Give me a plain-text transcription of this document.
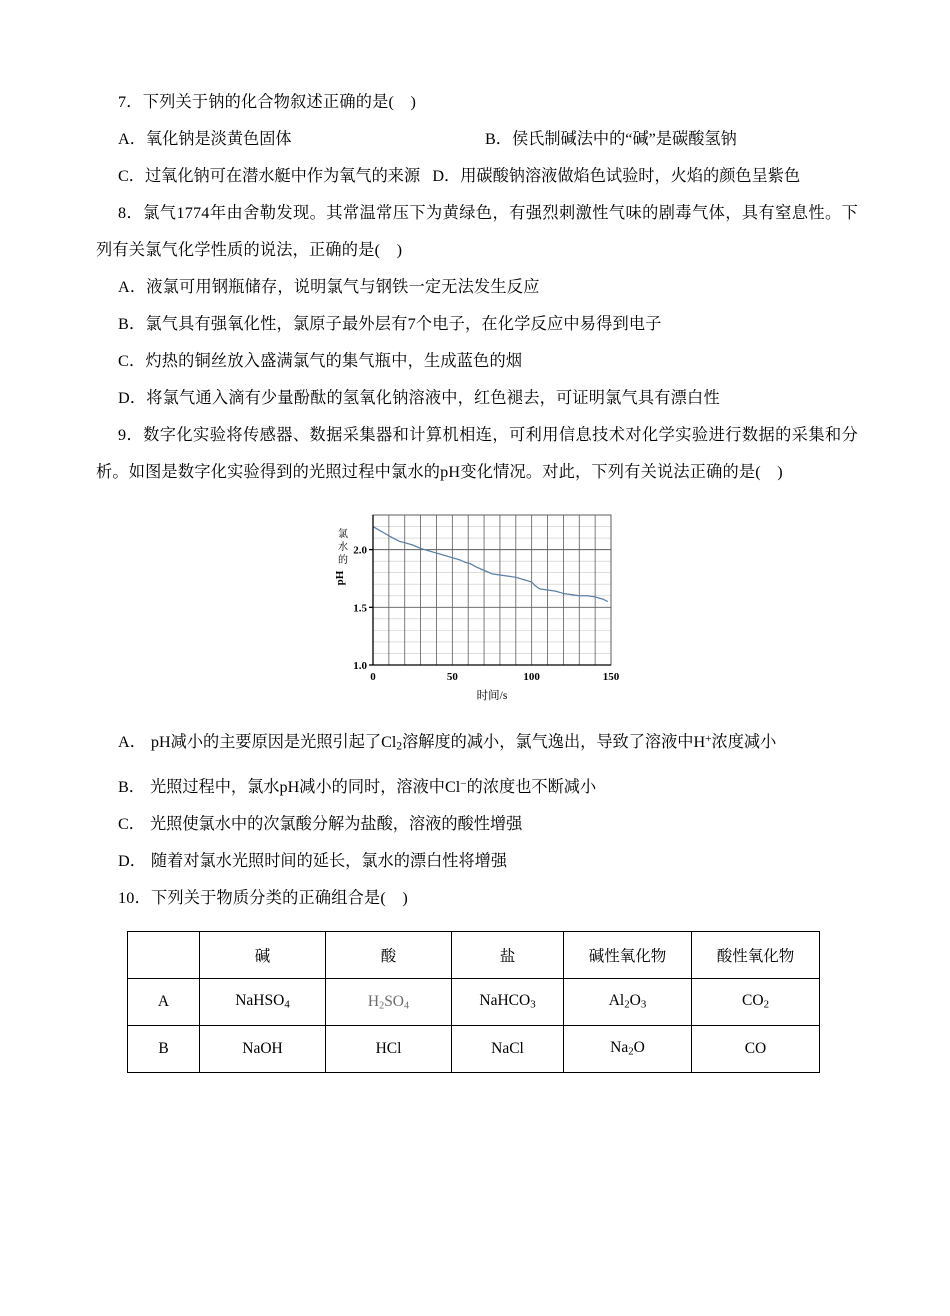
7．下列关于钠的化合物叙述正确的是(　)
A．氧化钠是淡黄色固体	B．侯氏制碱法中的“碱”是碳酸氢钠
C．过氧化钠可在潜水艇中作为氧气的来源 D．用碳酸钠溶液做焰色试验时，火焰的颜色呈紫色
8．氯气1774年由舍勒发现。其常温常压下为黄绿色，有强烈刺激性气味的剧毒气体，具有窒息性。下列有关氯气化学性质的说法，正确的是(　)
A．液氯可用钢瓶储存，说明氯气与钢铁一定无法发生反应
B．氯气具有强氧化性，氯原子最外层有7个电子，在化学反应中易得到电子
C．灼热的铜丝放入盛满氯气的集气瓶中，生成蓝色的烟
D．将氯气通入滴有少量酚酞的氢氧化钠溶液中，红色褪去，可证明氯气具有漂白性
9．数字化实验将传感器、数据采集器和计算机相连，可利用信息技术对化学实验进行数据的采集和分析。如图是数字化实验得到的光照过程中氯水的pH变化情况。对此，下列有关说法正确的是(　)
1.0
1.5
2.0
0	50	100	150
时间/s
氯
水
的
pH
A． pH减小的主要原因是光照引起了$Cl_2$溶解度的减小，氯气逸出，导致了溶液中H+浓度减小
B． 光照过程中，氯水pH减小的同时，溶液中Cl−的浓度也不断减小
C． 光照使氯水中的次氯酸分解为盐酸，溶液的酸性增强
D． 随着对氯水光照时间的延长，氯水的漂白性将增强
10．下列关于物质分类的正确组合是(　)
	碱	酸	盐	碱性氧化物	酸性氧化物
A	NaHSO$_4$	$H_2SO_4$	NaHCO$_3$	$Al_2O_3$	$CO_2$
B	NaOH	HCl	NaCl	$Na_2O$	CO
